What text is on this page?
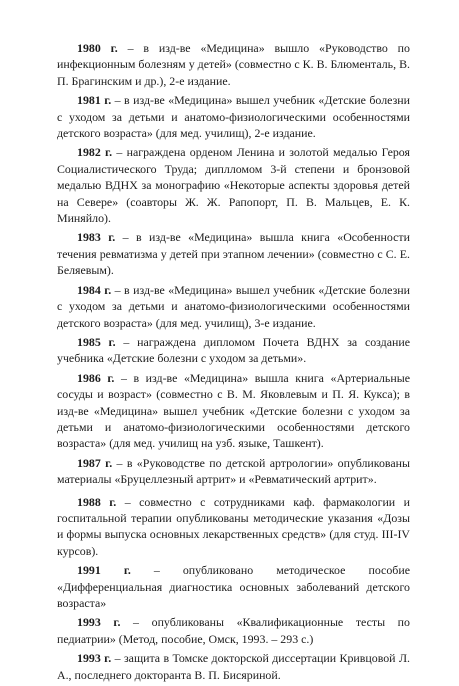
1980 г. – в изд-ве «Медицина» вышло «Руководство по инфекционным болезням у детей» (совместно с К. В. Блюменталь, В. П. Брагинским и др.), 2-е издание.

1981 г. – в изд-ве «Медицина» вышел учебник «Детские болезни с уходом за детьми и анатомо-физиологическими особенностями детского возраста» (для мед. училищ), 2-е издание.

1982 г. – награждена орденом Ленина и золотой медалью Героя Социалистического Труда; диплломом 3-й степени и бронзовой медалью ВДНХ за монографию «Некоторые аспекты здоровья детей на Севере» (соавторы Ж. Ж. Рапопорт, П. В. Мальцев, Е. К. Миняйло).

1983 г. – в изд-ве «Медицина» вышла книга «Особенности течения ревматизма у детей при этапном лечении» (совместно с С. Е. Беляевым).

1984 г. – в изд-ве «Медицина» вышел учебник «Детские болезни с уходом за детьми и анатомо-физиологическими особенностями детского возраста» (для мед. училищ), 3-е издание.

1985 г. – награждена дипломом Почета ВДНХ за создание учебника «Детские болезни с уходом за детьми».

1986 г. – в изд-ве «Медицина» вышла книга «Артериальные сосуды и возраст» (совместно с В. М. Яковлевым и П. Я. Кукса); в изд-ве «Медицина» вышел учебник «Детские болезни с уходом за детьми и анатомо-физиологическими особенностями детского возраста» (для мед. училищ на узб. языке, Ташкент).

1987 г. – в «Руководстве по детской артрологии» опубликованы материалы «Бруцеллезный артрит» и «Ревматический артрит».

1988 г. – совместно с сотрудниками каф. фармакологии и госпитальной терапии опубликованы методические указания «Дозы и формы выпуска основных лекарственных средств» (для студ. III-IV курсов).

1991 г. – опубликовано методическое пособие «Дифференциальная диагностика основных заболеваний детского возраста»

1993 г. – опубликованы «Квалификационные тесты по педиатрии» (Метод, пособие, Омск, 1993. – 293 с.)

1993 г. – защита в Томске докторской диссертации Кривцовой Л. А., последнего докторанта В. П. Бисяриной.
